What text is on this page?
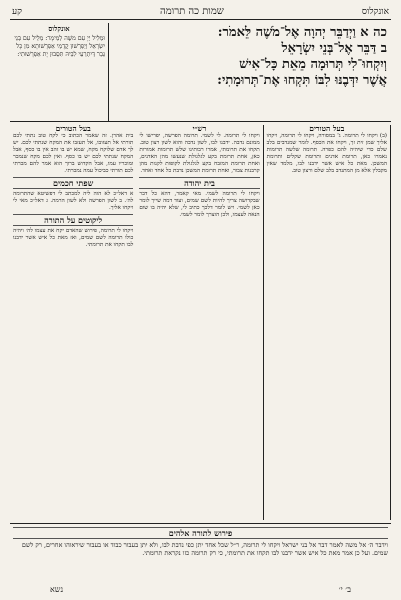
קע	שמות כה תרומה	אונקלוס
אונקלוס
וּמַלִּיל יְיָ עִם משֶׁה לְמֵימָר: מַלֵּיל עִם בְּנֵי יִשְׂרָאֵל וְיַפְרְשׁוּן קֳדָמַי אַפְרָשׁוּתָא מִן כָּל גְּבַר דְּיִתְרְעֵי לִבֵּיהּ תִּסְּבוּן יָת אַפְרָשׁוּתִי:
כה א וַיְדַבֵּר יְהוָה אֶל־מֹשֶׁה לֵּאמֹר:
ב דַּבֵּר אֶל־בְּנֵי יִשְׂרָאֵל
וְיִקְחוּ־לִי תְּרוּמָה מֵאֵת כָּל־אִישׁ
אֲשֶׁר יִדְּבֶנּוּ לִבּוֹ תִּקְחוּ אֶת־תְּרוּמָתִי:
בעל הטורים
בית אהרן. זה שאמר הכתוב כי לקח טוב נתתי לכם תורתי אל תעזובו, אל תעזבו את המקח שנתתי לכם. יש לך אדם שלוקח מקח, שמא יש בו זהב אין בו כסף, אבל המקח שנתתי לכם יש בו כסף. ואין לכם מקח שנמכר ומוכריו עמו, אבל הקדוש ברוך הוא אמר להם מכרתי לכם תורתי כביכול עמה נמכרתי.
שפתי חכמים
א דאל״כ לא הוה ליה למכתב לי דפשיטא שהתרומה לה׳. ב לשון הפרשה ולא לשון הרמה. ג דאל״כ מאי לי ויקחו אליך.
ליקוטים על התורה
ויקחו לי תרומה, פירוש שהאדם יקח את עצמו לה׳ ויהיה כולו תרומה לשם שמים, ואז מאת כל איש אשר ידבנו לבו תקחו את תרומתי.
רש״י
ויקחו לי תרומה. לי לשמי. תרומה הפרשה, יפרישו לי ממונם נדבה. ידבנו לבו, לשון נדבה והוא לשון רצון טוב. תקחו את תרומתי, אמרו רבותינו שלש תרומות אמורות כאן, אחת תרומת בקע לגלגולת שנעשו מהן האדנים, ואחת תרומת המזבח בקע לגלגולת לקופות לקנות מהן קרבנות צבור, ואחת תרומת המשכן נדבת כל אחד ואחד.
בית יהודה
ויקחו לי תרומה לשמי. מאי קאמר, דהא כל דבר שבקדושה צריך להיות לשם שמים, ועוד דמה שייך לומר כאן לשמי. ויש לומר דלכך כתיב לי, שלא יהיה בו שום הנאה לעצמו, ולכן הוצרך לומר לשמי.
בעל הטורים
(ב) ויקחו לי תרומה. ג' במסורה, ויקחו לי תרומה, ויקחו אליך שמן זית זך, ויקחו את הכסף. לומר שמנדבים בלב שלם כדי שיהיה להם כפרה. תרומה שלשה תרומות נאמרו כאן, תרומת אדנים ותרומת שקלים ותרומת המשכן. מאת כל איש אשר ידבנו לבו, מלמד שאין מקבלין אלא מן המתנדב בלב שלם ורצון טוב.
פירוש לתורה אלהים
וידבר ה׳ אל משה לאמר דבר אל בני ישראל ויקחו לי תרומה, ר״ל שכל אחד יתן כפי נדבת לבו, ולא יתן בעבור כבוד או בעבור שיראוהו אחרים, רק לשם שמים. ועל כן אמר מאת כל איש אשר ידבנו לבו תקחו את תרומתי, כי רק תרומה כזו נקראת תרומתי.
נשא	ב׳ י׳
